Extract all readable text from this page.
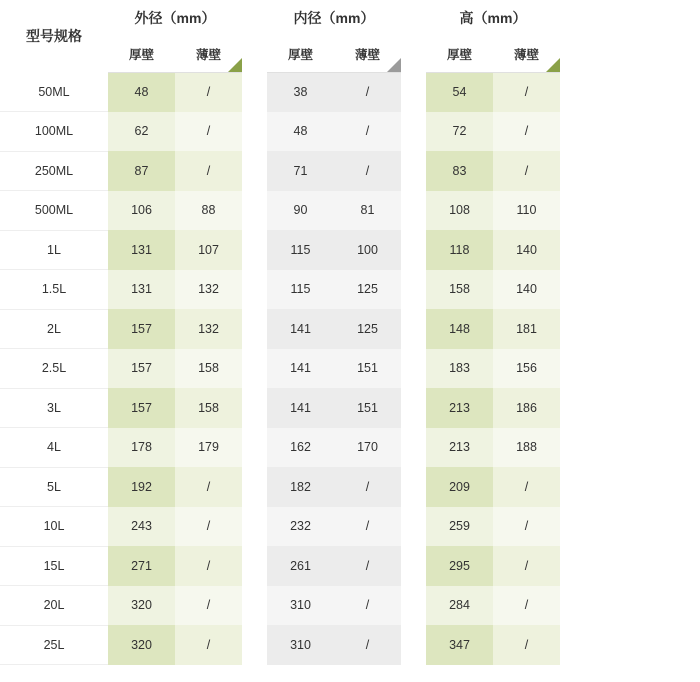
型号规格	外径（mm）			内径（mm）			高（mm）			
	厚壁	薄壁		厚壁	薄壁		厚壁	薄壁		

50ML	48	/		38	/		54	/		
100ML	62	/		48	/		72	/		
250ML	87	/		71	/		83	/		
500ML	106	88		90	81		108	110		
1L	131	107		115	100		118	140		
1.5L	131	132		115	125		158	140		
2L	157	132		141	125		148	181		
2.5L	157	158		141	151		183	156		
3L	157	158		141	151		213	186		
4L	178	179		162	170		213	188		
5L	192	/		182	/		209	/		
10L	243	/		232	/		259	/		
15L	271	/		261	/		295	/		
20L	320	/		310	/		284	/		
25L	320	/		310	/		347	/		
